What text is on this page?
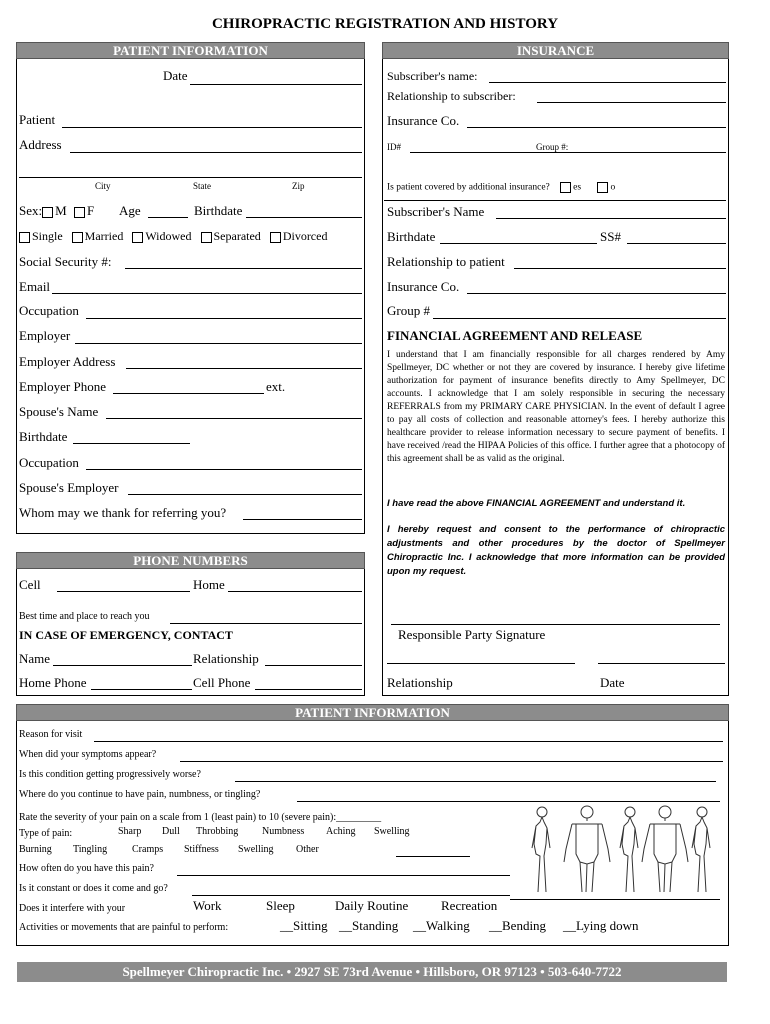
CHIROPRACTIC REGISTRATION AND HISTORY
PATIENT INFORMATION
Date
Patient
Address
City	State	Zip
Sex: M F Age	Birthdate
Single Married Widowed Separated Divorced
Social Security #:
Email
Occupation
Employer
Employer Address
Employer Phone	ext.
Spouse's Name
Birthdate
Occupation
Spouse's Employer
Whom may we thank for referring you?
PHONE NUMBERS
Cell	Home
Best time and place to reach you
IN CASE OF EMERGENCY, CONTACT
Name	Relationship
Home Phone	Cell Phone
INSURANCE
Subscriber's name:
Relationship to subscriber:
Insurance Co.
ID#	Group #:
Is patient covered by additional insurance? es	o
Subscriber's Name
Birthdate	SS#
Relationship to patient
Insurance Co.
Group #
FINANCIAL AGREEMENT AND RELEASE
I understand that I am financially responsible for all charges rendered by Amy Spellmeyer, DC whether or not they are covered by insurance. I hereby give lifetime authorization for payment of insurance benefits directly to Amy Spellmeyer, DC accounts. I acknowledge that I am solely responsible in securing the necessary REFERRALS from my PRIMARY CARE PHYSICIAN. In the event of default I agree to pay all costs of collection and reasonable attorney's fees. I hereby authorize this healthcare provider to release information necessary to secure payment of benefits. I have received /read the HIPAA Policies of this office. I further agree that a photocopy of this agreement shall be as valid as the original.
I have read the above FINANCIAL AGREEMENT and understand it.
I hereby request and consent to the performance of chiropractic adjustments and other procedures by the doctor of Spellmeyer Chiropractic Inc. I acknowledge that more information can be provided upon my request.
Responsible Party Signature
Relationship	Date
PATIENT INFORMATION
Reason for visit
When did your symptoms appear?
Is this condition getting progressively worse?
Where do you continue to have pain, numbness, or tingling?
Rate the severity of your pain on a scale from 1 (least pain) to 10 (severe pain):_________
Type of pain:	Sharp Dull Throbbing Numbness Aching Swelling
Burning Tingling Cramps Stiffness Swelling Other
How often do you have this pain?
Is it constant or does it come and go?
Does it interfere with your	Work	Sleep	Daily Routine	Recreation
Activities or movements that are painful to perform:	__Sitting __Standing __Walking __Bending __Lying down
Spellmeyer Chiropractic Inc. • 2927 SE 73rd Avenue • Hillsboro, OR 97123 • 503-640-7722
